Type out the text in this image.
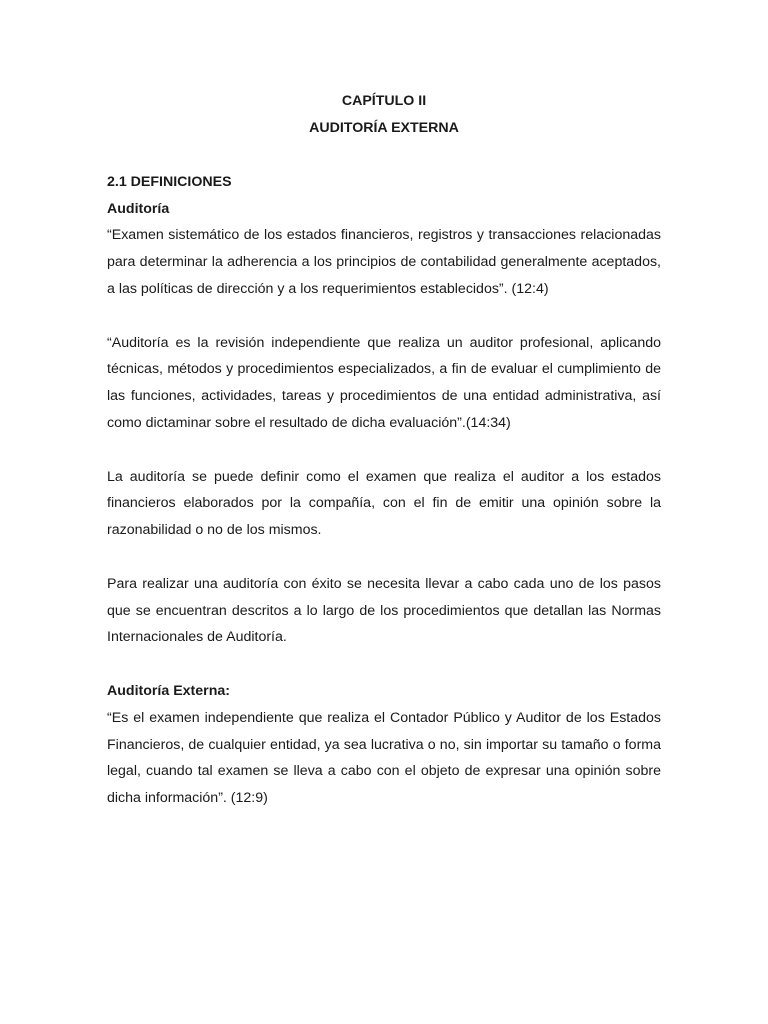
CAPÍTULO II

AUDITORÍA EXTERNA

2.1 DEFINICIONES

Auditoría

“Examen sistemático de los estados financieros, registros y transacciones relacionadas para determinar la adherencia a los principios de contabilidad generalmente aceptados, a las políticas de dirección y a los requerimientos establecidos”. (12:4)

“Auditoría es la revisión independiente que realiza un auditor profesional, aplicando técnicas, métodos y procedimientos especializados, a fin de evaluar el cumplimiento de las funciones, actividades, tareas y procedimientos de una entidad administrativa, así como dictaminar sobre el resultado de dicha evaluación”.(14:34)

La auditoría se puede definir como el examen que realiza el auditor a los estados financieros elaborados por la compañía, con el fin de emitir una opinión sobre la razonabilidad o no de los mismos.

Para realizar una auditoría con éxito se necesita llevar a cabo cada uno de los pasos que se encuentran descritos a lo largo de los procedimientos que detallan las Normas Internacionales de Auditoría.

Auditoría Externa:

“Es el examen independiente que realiza el Contador Público y Auditor de los Estados Financieros, de cualquier entidad, ya sea lucrativa o no, sin importar su tamaño o forma legal, cuando tal examen se lleva a cabo con el objeto de expresar una opinión sobre dicha información”. (12:9)
